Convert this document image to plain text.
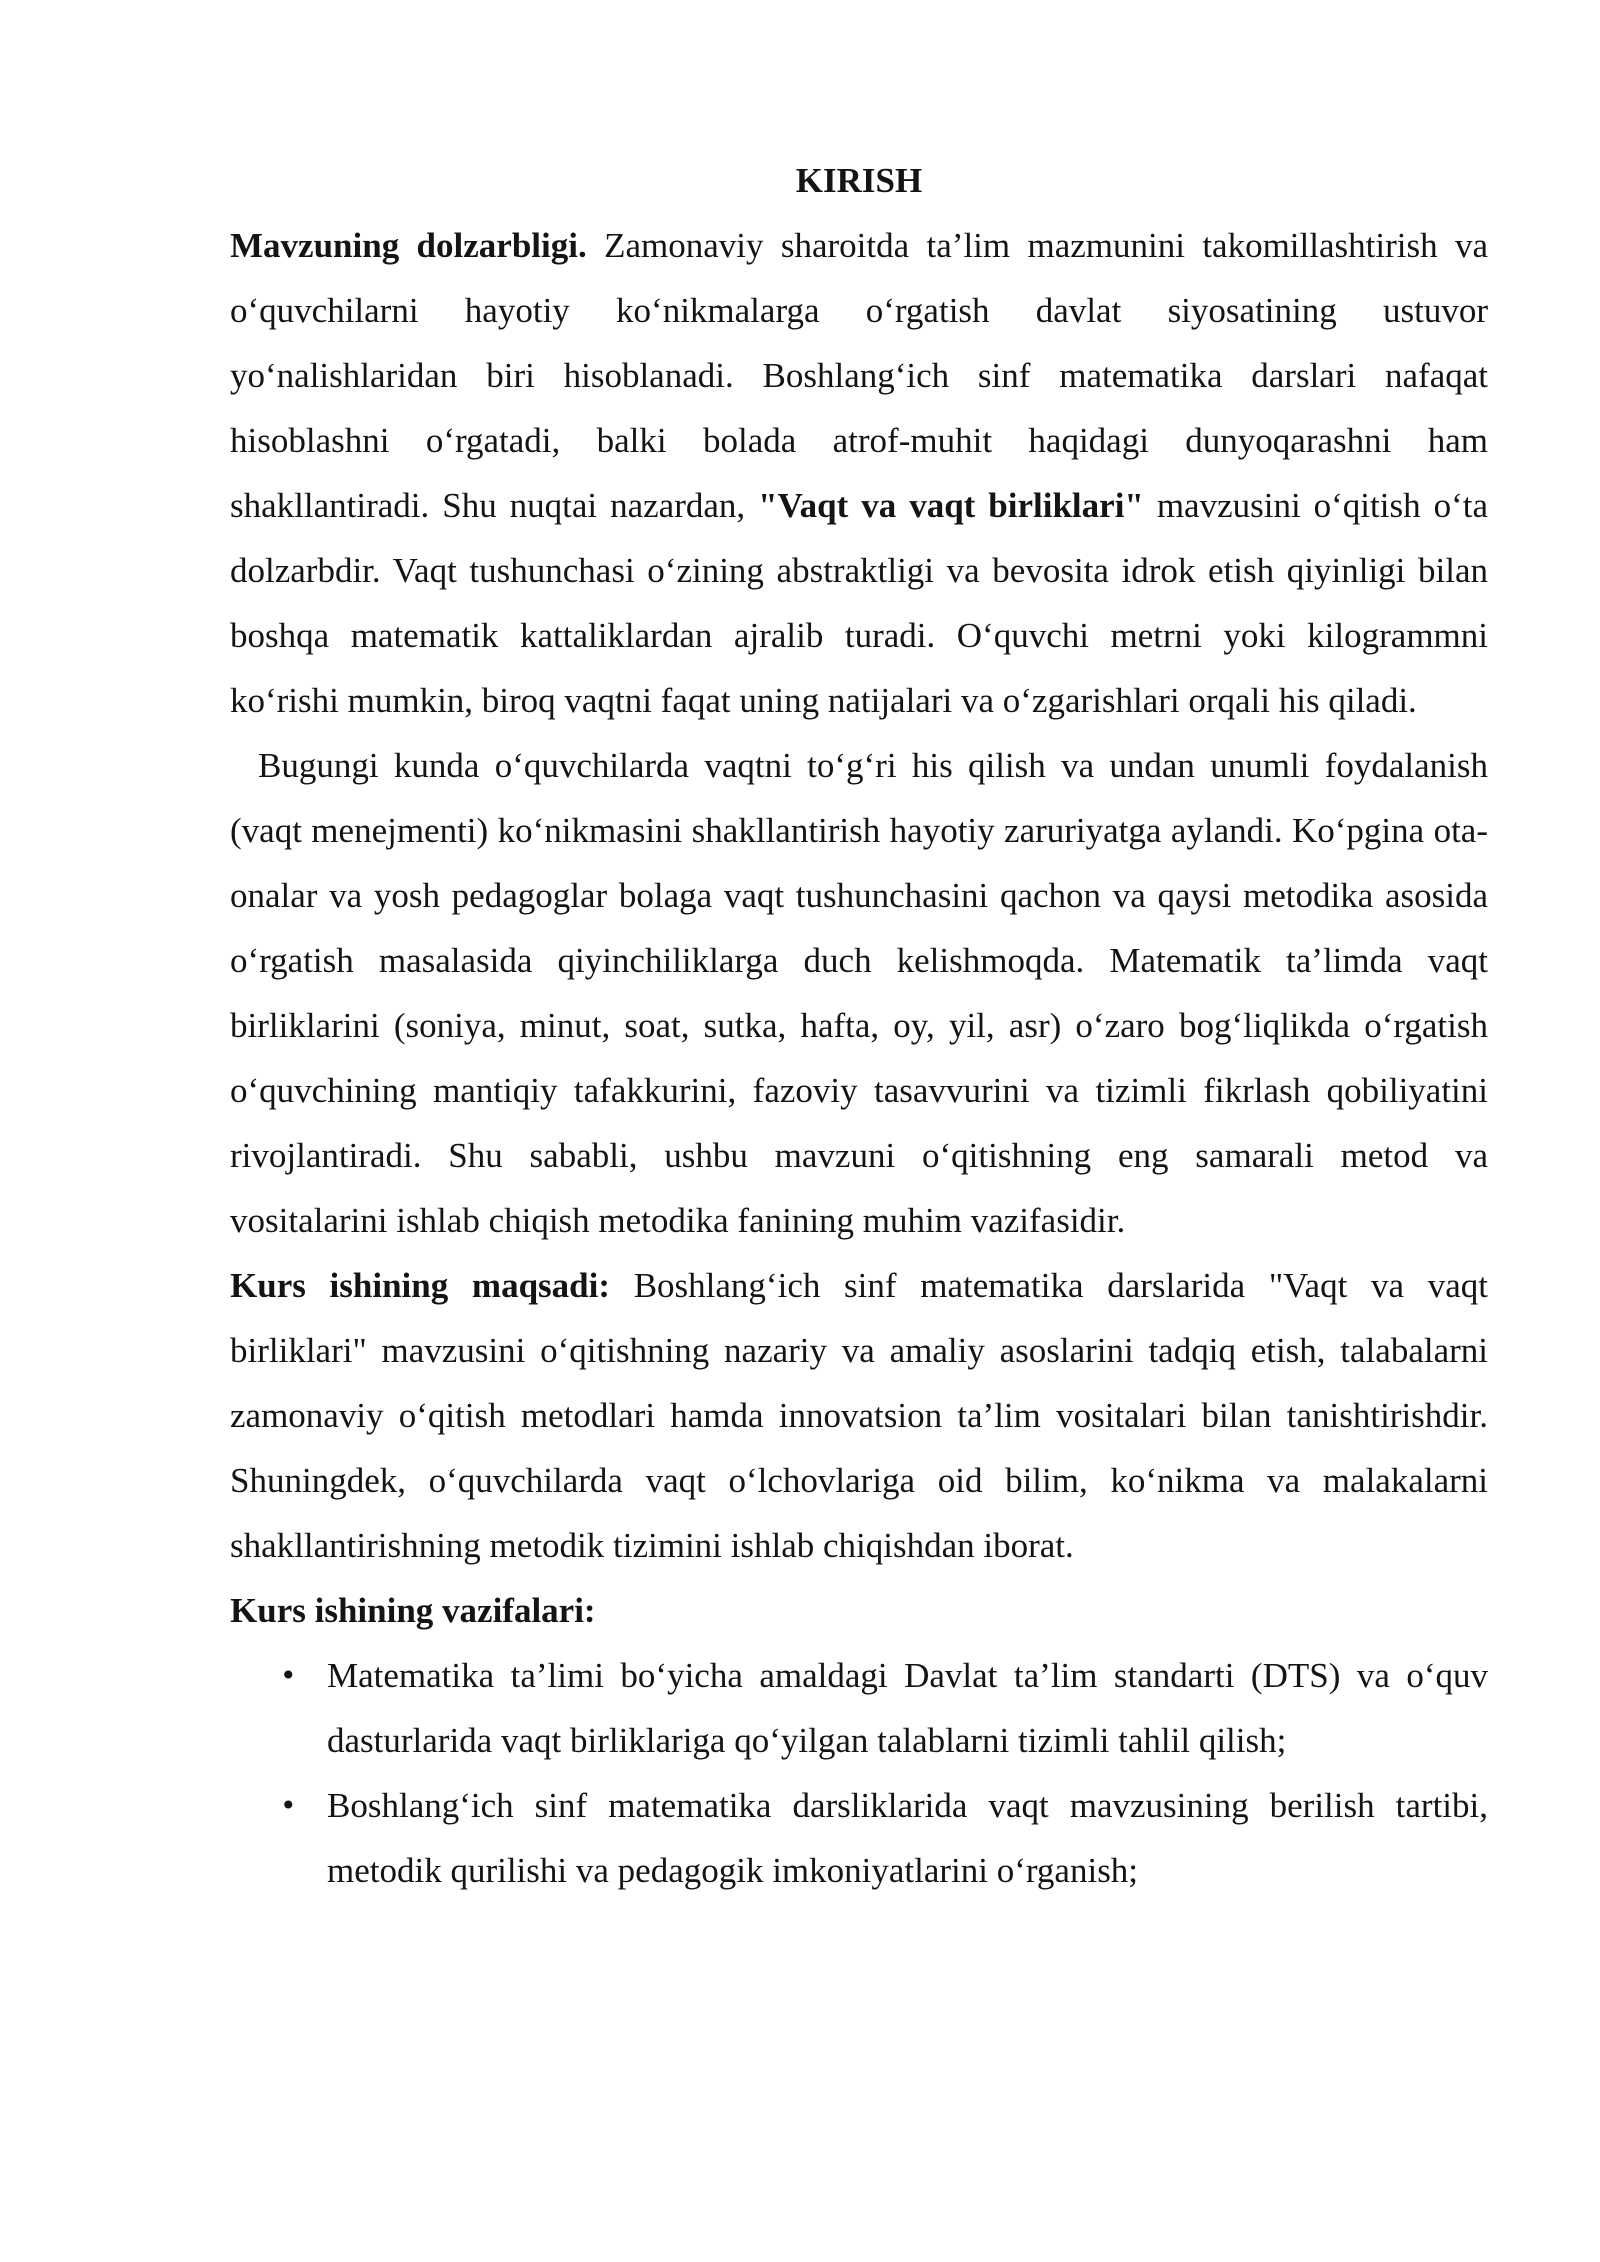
KIRISH

Mavzuning dolzarbligi. Zamonaviy sharoitda ta’lim mazmunini takomillashtirish va o‘quvchilarni hayotiy ko‘nikmalarga o‘rgatish davlat siyosatining ustuvor yo‘nalishlaridan biri hisoblanadi. Boshlang‘ich sinf matematika darslari nafaqat hisoblashni o‘rgatadi, balki bolada atrof-muhit haqidagi dunyoqarashni ham shakllantiradi. Shu nuqtai nazardan, "Vaqt va vaqt birliklari" mavzusini o‘qitish o‘ta dolzarbdir. Vaqt tushunchasi o‘zining abstraktligi va bevosita idrok etish qiyinligi bilan boshqa matematik kattaliklardan ajralib turadi. O‘quvchi metrni yoki kilogrammni ko‘rishi mumkin, biroq vaqtni faqat uning natijalari va o‘zgarishlari orqali his qiladi.

Bugungi kunda o‘quvchilarda vaqtni to‘g‘ri his qilish va undan unumli foydalanish (vaqt menejmenti) ko‘nikmasini shakllantirish hayotiy zaruriyatga aylandi. Ko‘pgina ota-onalar va yosh pedagoglar bolaga vaqt tushunchasini qachon va qaysi metodika asosida o‘rgatish masalasida qiyinchiliklarga duch kelishmoqda. Matematik ta’limda vaqt birliklarini (soniya, minut, soat, sutka, hafta, oy, yil, asr) o‘zaro bog‘liqlikda o‘rgatish o‘quvchining mantiqiy tafakkurini, fazoviy tasavvurini va tizimli fikrlash qobiliyatini rivojlantiradi. Shu sababli, ushbu mavzuni o‘qitishning eng samarali metod va vositalarini ishlab chiqish metodika fanining muhim vazifasidir.

Kurs ishining maqsadi: Boshlang‘ich sinf matematika darslarida "Vaqt va vaqt birliklari" mavzusini o‘qitishning nazariy va amaliy asoslarini tadqiq etish, talabalarni zamonaviy o‘qitish metodlari hamda innovatsion ta’lim vositalari bilan tanishtirishdir. Shuningdek, o‘quvchilarda vaqt o‘lchovlariga oid bilim, ko‘nikma va malakalarni shakllantirishning metodik tizimini ishlab chiqishdan iborat.

Kurs ishining vazifalari:

• Matematika ta’limi bo‘yicha amaldagi Davlat ta’lim standarti (DTS) va o‘quv dasturlarida vaqt birliklariga qo‘yilgan talablarni tizimli tahlil qilish;
• Boshlang‘ich sinf matematika darsliklarida vaqt mavzusining berilish tartibi, metodik qurilishi va pedagogik imkoniyatlarini o‘rganish;
